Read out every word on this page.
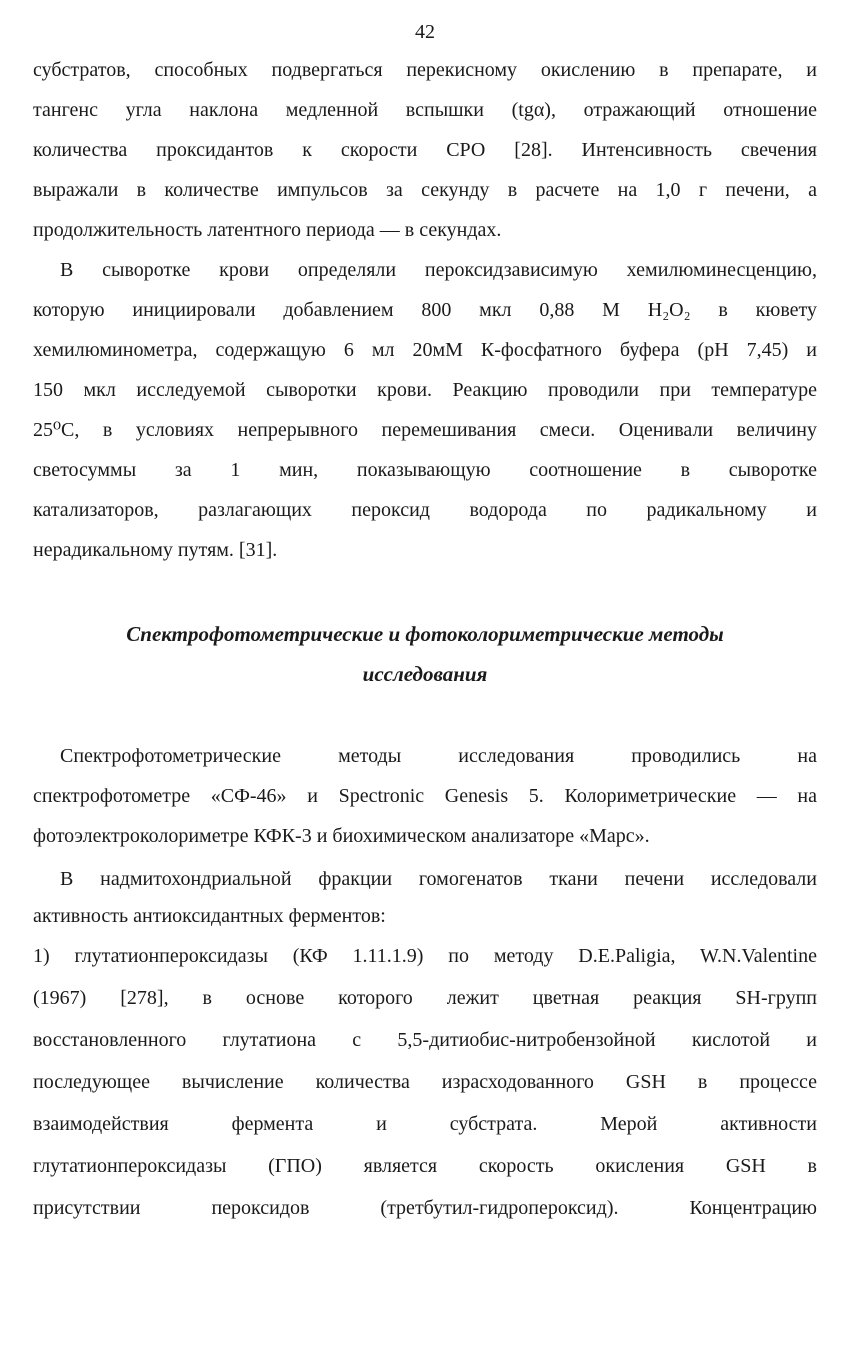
42
субстратов, способных подвергаться перекисному окислению в препарате, и
тангенс угла наклона медленной вспышки (tgα), отражающий отношение
количества проксидантов к скорости СРО [28]. Интенсивность свечения
выражали в количестве импульсов за секунду в расчете на 1,0 г печени, а
продолжительность латентного периода — в секундах.
В сыворотке крови определяли пероксидзависимую хемилюминесценцию,
которую инициировали добавлением 800 мкл 0,88 М H₂O₂ в кювету
хемилюминометра, содержащую 6 мл 20мМ К-фосфатного буфера (pH 7,45) и
150 мкл исследуемой сыворотки крови. Реакцию проводили при температуре
25⁰С, в условиях непрерывного перемешивания смеси. Оценивали величину
светосуммы за 1 мин, показывающую соотношение в сыворотке
катализаторов, разлагающих пероксид водорода по радикальному и
нерадикальному путям. [31].
Спектрофотометрические и фотоколориметрические методы
исследования
Спектрофотометрические методы исследования проводились на
спектрофотометре «СФ-46» и Spectronic Genesis 5. Колориметрические — на
фотоэлектроколориметре КФК-3 и биохимическом анализаторе «Марс».
В надмитохондриальной фракции гомогенатов ткани печени исследовали
активность антиоксидантных ферментов:
1) глутатионпероксидазы (КФ 1.11.1.9) по методу D.E.Paligia, W.N.Valentine
(1967) [278], в основе которого лежит цветная реакция SH-групп
восстановленного глутатиона с 5,5-дитиобис-нитробензойной кислотой и
последующее вычисление количества израсходованного GSH в процессе
взаимодействия фермента и субстрата. Мерой активности
глутатионпероксидазы (ГПО) является скорость окисления GSH в
присутствии пероксидов (третбутил-гидропероксид). Концентрацию
